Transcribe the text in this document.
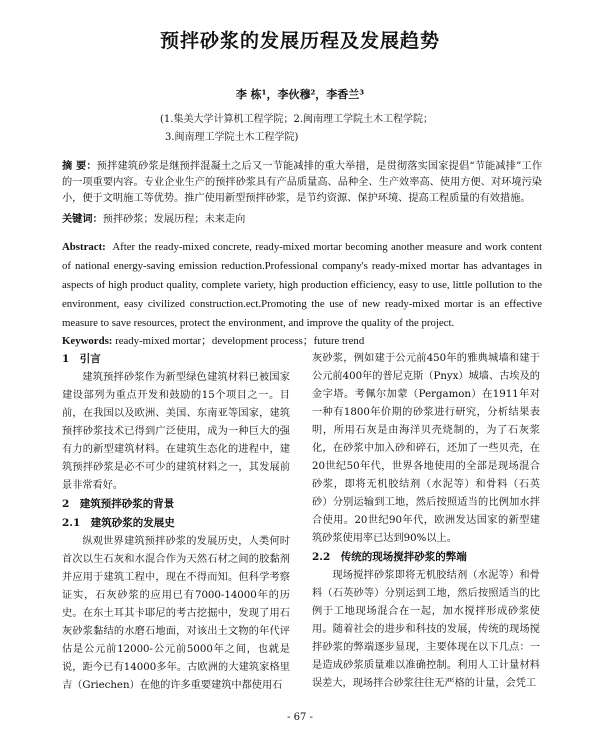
预拌砂浆的发展历程及发展趋势
李 栋¹，李伙穆²，李香兰³
(1.集美大学计算机工程学院；2.闽南理工学院土木工程学院；
3.闽南理工学院土木工程学院)
摘 要：预拌建筑砂浆是继预拌混凝土之后又一节能减排的重大举措，是贯彻落实国家提倡“节能减排”工作的一项重要内容。专业企业生产的预拌砂浆具有产品质量高、品种全、生产效率高、使用方便、对环境污染小，便于文明施工等优势。推广使用新型预拌砂浆，是节约资源、保护环境、提高工程质量的有效措施。
关键词：预拌砂浆；发展历程；未来走向
Abstract: After the ready-mixed concrete, ready-mixed mortar becoming another measure and work content of national energy-saving emission reduction.Professional company's ready-mixed mortar has advantages in aspects of high product quality, complete variety, high production efficiency, easy to use, little pollution to the environment, easy civilized construction.ect.Promoting the use of new ready-mixed mortar is an effective measure to save resources, protect the environment, and improve the quality of the project.
Keywords: ready-mixed mortar；development process；future trend
1　引言

建筑预拌砂浆作为新型绿色建筑材料已被国家建设部列为重点开发和鼓励的15个项目之一。目前，在我国以及欧洲、美国、东南亚等国家，建筑预拌砂浆技术已得到广泛使用，成为一种巨大的强有力的新型建筑材料。在建筑生态化的进程中，建筑预拌砂浆是必不可少的建筑材料之一，其发展前景非常看好。

2　建筑预拌砂浆的背景
2.1　建筑砂浆的发展史

纵观世界建筑预拌砂浆的发展历史，人类何时首次以生石灰和水混合作为天然石材之间的胶黏剂并应用于建筑工程中，现在不得而知。但科学考察证实，石灰砂浆的应用已有7000-14000年的历史。在东土耳其卡耶尼的考古挖掘中，发现了用石灰砂浆黏结的水磨石地面，对该出土文物的年代评估是公元前12000-公元前5000年之间，也就是说，距今已有14000多年。古欧洲的大建筑家格里吉（Griechen）在他的许多重要建筑中都使用石

灰砂浆，例如建于公元前450年的雅典城墙和建于公元前400年的普尼克斯（Pnyx）城墙、古埃及的金字塔。考佩尔加蒙（Pergamon）在1911年对一种有1800年价期的砂浆进行研究，分析结果表明，所用石灰是由海洋贝壳烧制的，为了石灰浆化，在砂浆中加入砂和碎石，还加了一些贝壳，在20世纪50年代，世界各地使用的全部是现场混合砂浆，即将无机胶结剂（水泥等）和骨料（石英砂）分别运输到工地，然后按照适当的比例加水拌合使用。20世纪90年代，欧洲发达国家的新型建筑砂浆使用率已达到90%以上。

2.2　传统的现场搅拌砂浆的弊端

现场搅拌砂浆即将无机胶结剂（水泥等）和骨料（石英砂等）分别运到工地，然后按照适当的比例于工地现场混合在一起，加水搅拌形成砂浆使用。随着社会的进步和科技的发展，传统的现场搅拌砂浆的弊端逐步显现，主要体现在以下几点：一是造成砂浆质量难以准确控制。利用人工计量材料误差大，现场拌合砂浆往往无严格的计量，会凭工

- 67 -
